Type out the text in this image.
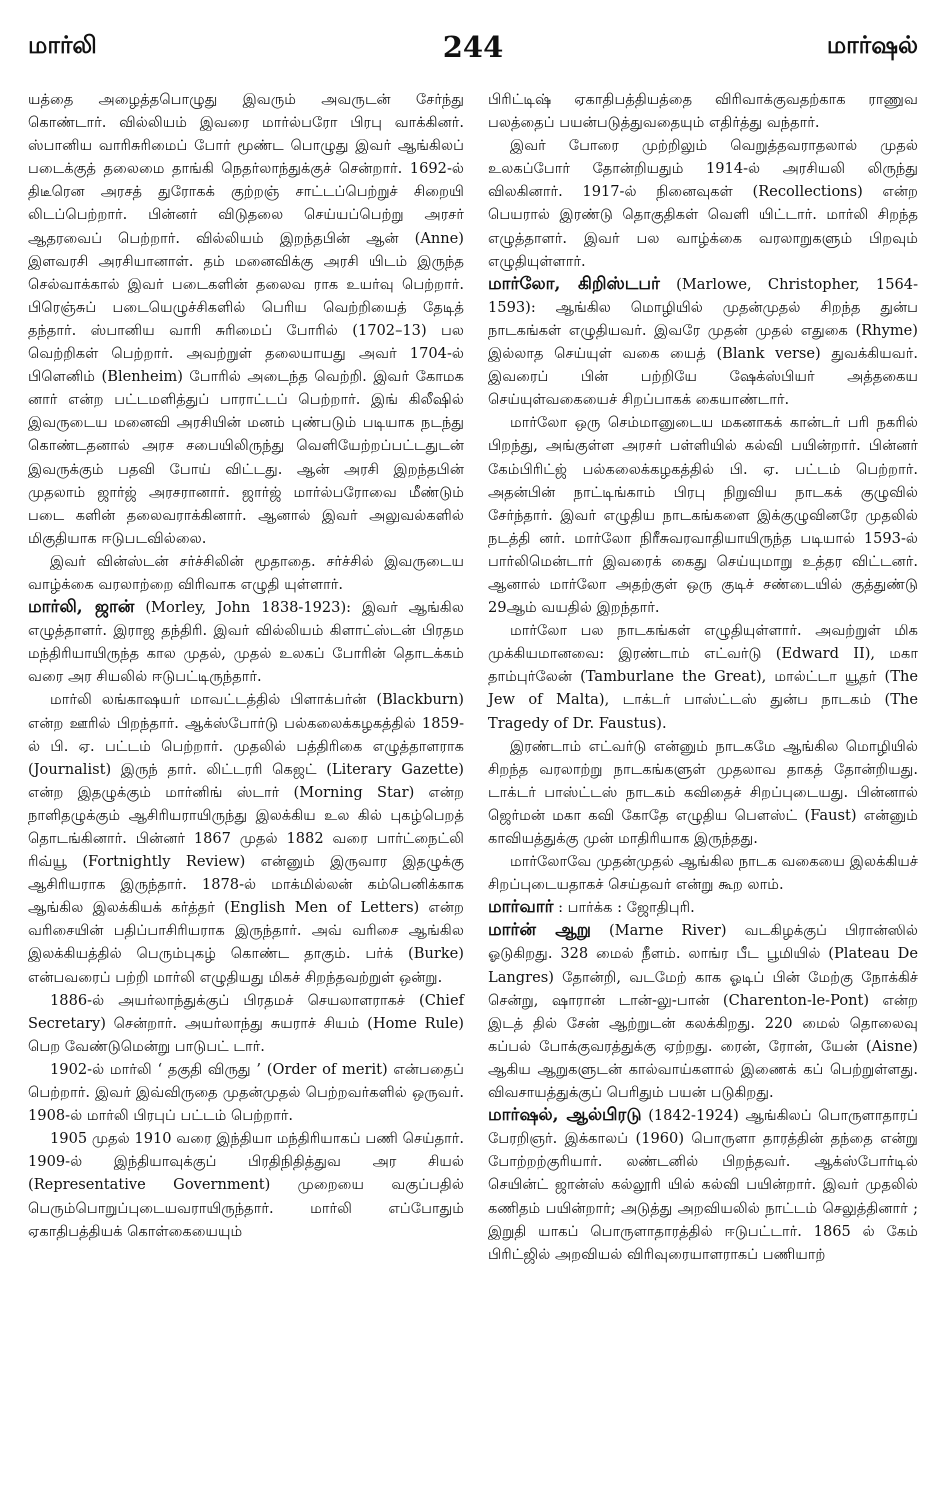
மார்லி	244	மார்ஷல்

யத்தை அழைத்தபொழுது இவரும் அவருடன் சேர்ந்து கொண்டார். வில்லியம் இவரை மார்ல்பரோ பிரபு வாக்கினர். ஸ்பானிய வாரிசுரிமைப் போர் மூண்ட பொழுது இவர் ஆங்கிலப் படைக்குத் தலைமை தாங்கி நெதர்லாந்துக்குச் சென்றார். 1692-ல் திடீரென அரசத் துரோகக் குற்றஞ் சாட்டப்பெற்றுச் சிறையி லிடப்பெற்றார். பின்னர் விடுதலை செய்யப்பெற்று அரசர் ஆதரவைப் பெற்றார். வில்லியம் இறந்தபின் ஆன் (Anne) இளவரசி அரசியானாள். தம் மனைவிக்கு அரசி யிடம் இருந்த செல்வாக்கால் இவர் படைகளின் தலைவ ராக உயர்வு பெற்றார். பிரெஞ்சுப் படையெழுச்சிகளில் பெரிய வெற்றியைத் தேடித் தந்தார். ஸ்பானிய வாரி சுரிமைப் போரில் (1702–13) பல வெற்றிகள் பெற்றார். அவற்றுள் தலையாயது அவர் 1704-ல் பிளெனிம் (Blenheim) போரில் அடைந்த வெற்றி. இவர் கோமக னார் என்ற பட்டமளித்துப் பாராட்டப் பெற்றார். இங் கிலீஷில் இவருடைய மனைவி அரசியின் மனம் புண்படும் படியாக நடந்து கொண்டதனால் அரச சபையிலிருந்து வெளியேற்றப்பட்டதுடன் இவருக்கும் பதவி போய் விட்டது. ஆன் அரசி இறந்தபின் முதலாம் ஜார்ஜ் அரசரானார். ஜார்ஜ் மார்ல்பரோவை மீண்டும் படை களின் தலைவராக்கினார். ஆனால் இவர் அலுவல்களில் மிகுதியாக ஈடுபடவில்லை.

இவர் வின்ஸ்டன் சர்ச்சிலின் மூதாதை. சர்ச்சில் இவருடைய வாழ்க்கை வரலாற்றை விரிவாக எழுதி யுள்ளார்.

மார்லி, ஜான் (Morley, John 1838-1923): இவர் ஆங்கில எழுத்தாளர். இராஜ தந்திரி. இவர் வில்லியம் கிளாட்ஸ்டன் பிரதம மந்திரியாயிருந்த கால முதல், முதல் உலகப் போரின் தொடக்கம் வரை அர சியலில் ஈடுபட்டிருந்தார்.

மார்லி லங்காஷயர் மாவட்டத்தில் பிளாக்பர்ன் (Blackburn) என்ற ஊரில் பிறந்தார். ஆக்ஸ்போர்டு பல்கலைக்கழகத்தில் 1859-ல் பி. ஏ. பட்டம் பெற்றார். முதலில் பத்திரிகை எழுத்தாளராக (Journalist) இருந் தார். லிட்டரரி கெஜட் (Literary Gazette) என்ற இதழுக்கும் மார்னிங் ஸ்டார் (Morning Star) என்ற நாளிதழுக்கும் ஆசிரியராயிருந்து இலக்கிய உல கில் புகழ்பெறத் தொடங்கினார். பின்னர் 1867 முதல் 1882 வரை பார்ட்நைட்லி ரிவ்யூ (Fortnightly Review) என்னும் இருவார இதழுக்கு ஆசிரியராக இருந்தார். 1878-ல் மாக்மில்லன் கம்பெனிக்காக ஆங்கில இலக்கியக் கர்த்தர் (English Men of Letters) என்ற வரிசையின் பதிப்பாசிரியராக இருந்தார். அவ் வரிசை ஆங்கில இலக்கியத்தில் பெரும்புகழ் கொண்ட தாகும். பர்க் (Burke) என்பவரைப் பற்றி மார்லி எழுதியது மிகச் சிறந்தவற்றுள் ஒன்று.

1886-ல் அயர்லாந்துக்குப் பிரதமச் செயலாளராகச் (Chief Secretary) சென்றார். அயர்லாந்து சுயராச் சியம் (Home Rule) பெற வேண்டுமென்று பாடுபட் டார்.

1902-ல் மார்லி ‘ தகுதி விருது ’ (Order of merit) என்பதைப் பெற்றார். இவர் இவ்விருதை முதன்முதல் பெற்றவர்களில் ஒருவர். 1908-ல் மார்லி பிரபுப் பட்டம் பெற்றார்.

1905 முதல் 1910 வரை இந்தியா மந்திரியாகப் பணி செய்தார். 1909-ல் இந்தியாவுக்குப் பிரதிநிதித்துவ அர சியல் (Representative Government) முறையை வகுப்பதில் பெரும்பொறுப்புடையவராயிருந்தார். மார்லி எப்போதும் ஏகாதிபத்தியக் கொள்கையையும்

பிரிட்டிஷ் ஏகாதிபத்தியத்தை விரிவாக்குவதற்காக ராணுவ பலத்தைப் பயன்படுத்துவதையும் எதிர்த்து வந்தார்.

இவர் போரை முற்றிலும் வெறுத்தவராதலால் முதல் உலகப்போர் தோன்றியதும் 1914-ல் அரசியலி லிருந்து விலகினார். 1917-ல் நினைவுகள் (Recollections) என்ற பெயரால் இரண்டு தொகுதிகள் வெளி யிட்டார். மார்லி சிறந்த எழுத்தாளர். இவர் பல வாழ்க்கை வரலாறுகளும் பிறவும் எழுதியுள்ளார்.

மார்லோ, கிறிஸ்டபர் (Marlowe, Christopher, 1564-1593): ஆங்கில மொழியில் முதன்முதல் சிறந்த துன்ப நாடகங்கள் எழுதியவர். இவரே முதன் முதல் எதுகை (Rhyme) இல்லாத செய்யுள் வகை யைத் (Blank verse) துவக்கியவர். இவரைப் பின் பற்றியே ஷேக்ஸ்பியர் அத்தகைய செய்யுள்வகையைச் சிறப்பாகக் கையாண்டார்.

மார்லோ ஒரு செம்மானுடைய மகனாகக் கான்டர் பரி நகரில் பிறந்து, அங்குள்ள அரசர் பள்ளியில் கல்வி பயின்றார். பின்னர் கேம்பிரிட்ஜ் பல்கலைக்கழகத்தில் பி. ஏ. பட்டம் பெற்றார். அதன்பின் நாட்டிங்காம் பிரபு நிறுவிய நாடகக் குழுவில் சேர்ந்தார். இவர் எழுதிய நாடகங்களை இக்குழுவினரே முதலில் நடத்தி னர். மார்லோ நிரீசுவரவாதியாயிருந்த படியால் 1593-ல் பார்லிமென்டார் இவரைக் கைது செய்யுமாறு உத்தர விட்டனர். ஆனால் மார்லோ அதற்குள் ஒரு குடிச் சண்டையில் குத்துண்டு 29ஆம் வயதில் இறந்தார்.

மார்லோ பல நாடகங்கள் எழுதியுள்ளார். அவற்றுள் மிக முக்கியமானவை: இரண்டாம் எட்வர்டு (Edward II), மகா தாம்புர்லேன் (Tamburlane the Great), மால்ட்டா யூதர் (The Jew of Malta), டாக்டர் பாஸ்ட்டஸ் துன்ப நாடகம் (The Tragedy of Dr. Faustus).

இரண்டாம் எட்வர்டு என்னும் நாடகமே ஆங்கில மொழியில் சிறந்த வரலாற்று நாடகங்களுள் முதலாவ தாகத் தோன்றியது. டாக்டர் பாஸ்ட்டஸ் நாடகம் கவிதைச் சிறப்புடையது. பின்னால் ஜெர்மன் மகா கவி கோதே எழுதிய பௌஸ்ட் (Faust) என்னும் காவியத்துக்கு முன் மாதிரியாக இருந்தது.

மார்லோவே முதன்முதல் ஆங்கில நாடக வகையை இலக்கியச் சிறப்புடையதாகச் செய்தவர் என்று கூற லாம்.

மார்வார் : பார்க்க : ஜோதிபுரி.

மார்ன் ஆறு (Marne River) வடகிழக்குப் பிரான்ஸில் ஓடுகிறது. 328 மைல் நீளம். லாங்ர பீட பூமியில் (Plateau De Langres) தோன்றி, வடமேற் காக ஓடிப் பின் மேற்கு நோக்கிச் சென்று, ஷாரான் டான்-லு-பான் (Charenton-le-Pont) என்ற இடத் தில் சேன் ஆற்றுடன் கலக்கிறது. 220 மைல் தொலைவு கப்பல் போக்குவரத்துக்கு ஏற்றது. ரைன், ரோன், யேன் (Aisne) ஆகிய ஆறுகளுடன் கால்வாய்களால் இணைக் கப் பெற்றுள்ளது. விவசாயத்துக்குப் பெரிதும் பயன் படுகிறது.

மார்ஷல், ஆல்பிரடு (1842-1924) ஆங்கிலப் பொருளாதாரப் பேரறிஞர். இக்காலப் (1960) பொருளா தாரத்தின் தந்தை என்று போற்றற்குரியார். லண்டனில் பிறந்தவர். ஆக்ஸ்போர்டில் செயின்ட் ஜான்ஸ் கல்லூரி யில் கல்வி பயின்றார். இவர் முதலில் கணிதம் பயின்றார்; அடுத்து அறவியலில் நாட்டம் செலுத்தினார் ; இறுதி யாகப் பொருளாதாரத்தில் ஈடுபட்டார். 1865 ல் கேம் பிரிட்ஜில் அறவியல் விரிவுரையாளராகப் பணியாற்
